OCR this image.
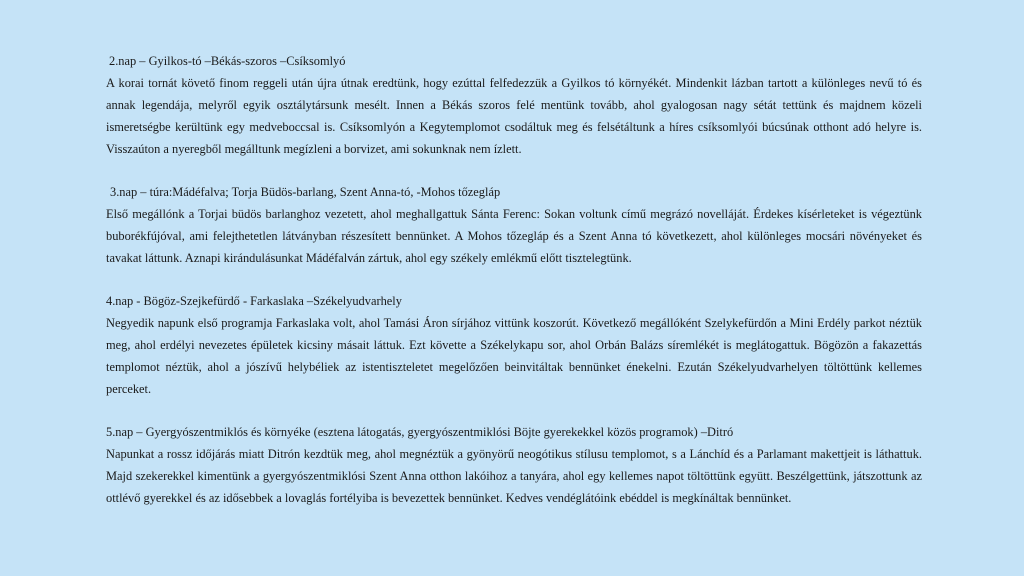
2.nap – Gyilkos-tó –Békás-szoros –Csíksomlyó

A korai tornát követő finom reggeli után újra útnak eredtünk, hogy ezúttal felfedezzük a Gyilkos tó környékét. Mindenkit lázban tartott a különleges nevű tó és annak legendája, melyről egyik osztálytársunk mesélt. Innen a Békás szoros felé mentünk tovább, ahol gyalogosan nagy sétát tettünk és majdnem közeli ismeretségbe kerültünk egy medveboccsal is. Csíksomlyón a Kegytemplomot csodáltuk meg és felsétáltunk a híres csíksomlyói búcsúnak otthont adó helyre is. Visszaúton a nyeregből megálltunk megízleni a borvizet, ami sokunknak nem ízlett.

3.nap – túra:Mádéfalva; Torja Büdös-barlang, Szent Anna-tó, -Mohos tőzegláp

Első megállónk a Torjai büdös barlanghoz vezetett, ahol meghallgattuk Sánta Ferenc: Sokan voltunk című megrázó novelláját. Érdekes kísérleteket is végeztünk buborékfújóval, ami felejthetetlen látványban részesített bennünket. A Mohos tőzegláp és a Szent Anna tó következett, ahol különleges mocsári növényeket és tavakat láttunk. Aznapi kirándulásunkat Mádéfalván zártuk, ahol egy székely emlékmű előtt tisztelegtünk.

4.nap - Bögöz-Szejkefürdő - Farkaslaka –Székelyudvarhely

Negyedik napunk első programja Farkaslaka volt, ahol Tamási Áron sírjához vittünk koszorút. Következő megállóként Szelykefürdőn a Mini Erdély parkot néztük meg, ahol erdélyi nevezetes épületek kicsiny másait láttuk. Ezt követte a Székelykapu sor, ahol Orbán Balázs síremlékét is meglátogattuk. Bögözön a fakazettás templomot néztük, ahol a jószívű helybéliek az istentiszteletet megelőzően beinvitáltak bennünket énekelni. Ezután Székelyudvarhelyen töltöttünk kellemes perceket.

5.nap – Gyergyószentmiklós és környéke (esztena látogatás, gyergyószentmiklósi Böjte gyerekekkel közös programok) –Ditró

Napunkat a rossz időjárás miatt Ditrón kezdtük meg, ahol megnéztük a gyönyörű neogótikus stílusu templomot, s a Lánchíd és a Parlamant makettjeit is láthattuk. Majd szekerekkel kimentünk a gyergyószentmiklósi Szent Anna otthon lakóihoz a tanyára, ahol egy kellemes napot töltöttünk együtt. Beszélgettünk, játszottunk az ottlévő gyerekkel és az idősebbek a lovaglás fortélyiba is bevezettek bennünket. Kedves vendéglátóink ebéddel is megkínáltak bennünket.
